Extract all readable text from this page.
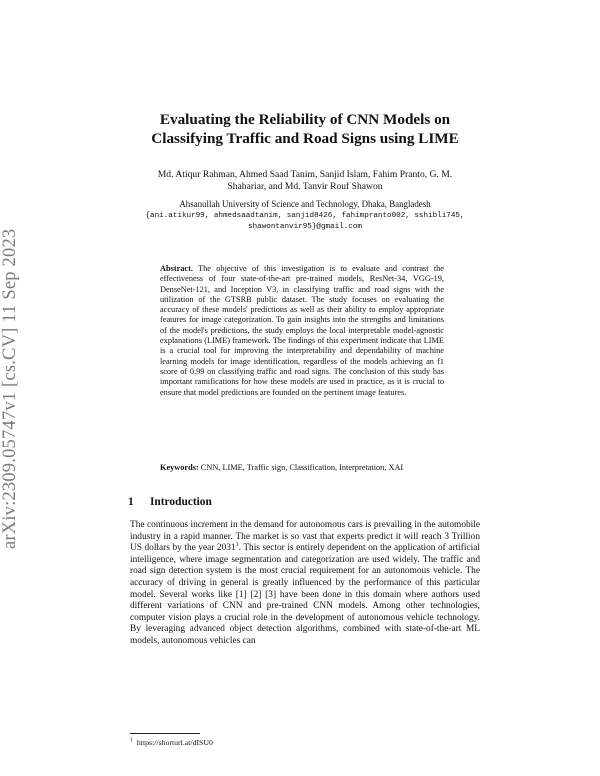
arXiv:2309.05747v1 [cs.CV] 11 Sep 2023
Evaluating the Reliability of CNN Models on
Classifying Traffic and Road Signs using LIME
Md. Atiqur Rahman, Ahmed Saad Tanim, Sanjid Islam, Fahim Pranto, G. M.
Shahariar, and Md. Tanvir Rouf Shawon
Ahsanullah University of Science and Technology, Dhaka, Bangladesh
{ani.atikur99, ahmedsaadtanim, sanjid8426, fahimpranto002, sshibli745,
shawontanvir95}@gmail.com
Abstract. The objective of this investigation is to evaluate and contrast the effectiveness of four state-of-the-art pre-trained models, ResNet-34, VGG-19, DenseNet-121, and Inception V3, in classifying traffic and road signs with the utilization of the GTSRB public dataset. The study focuses on evaluating the accuracy of these models' predictions as well as their ability to employ appropriate features for image categorization. To gain insights into the strengths and limitations of the model's predictions, the study employs the local interpretable model-agnostic explanations (LIME) framework. The findings of this experiment indicate that LIME is a crucial tool for improving the interpretability and dependability of machine learning models for image identification, regardless of the models achieving an f1 score of 0.99 on classifying traffic and road signs. The conclusion of this study has important ramifications for how these models are used in practice, as it is crucial to ensure that model predictions are founded on the pertinent image features.
Keywords: CNN, LIME, Traffic sign, Classification, Interpretation, XAI
1 Introduction

The continuous increment in the demand for autonomous cars is prevailing in the automobile industry in a rapid manner. The market is so vast that experts predict it will reach 3 Trillion US dollars by the year 2031$^1$. This sector is entirely dependent on the application of artificial intelligence, where image segmentation and categorization are used widely. The traffic and road sign detection system is the most crucial requirement for an autonomous vehicle. The accuracy of driving in general is greatly influenced by the performance of this particular model. Several works like [1] [2] [3] have been done in this domain where authors used different variations of CNN and pre-trained CNN models. Among other technologies, computer vision plays a crucial role in the development of autonomous vehicle technology. By leveraging advanced object detection algorithms, combined with state-of-the-art ML models, autonomous vehicles can

$^1$ https://shorturl.at/dISU0
